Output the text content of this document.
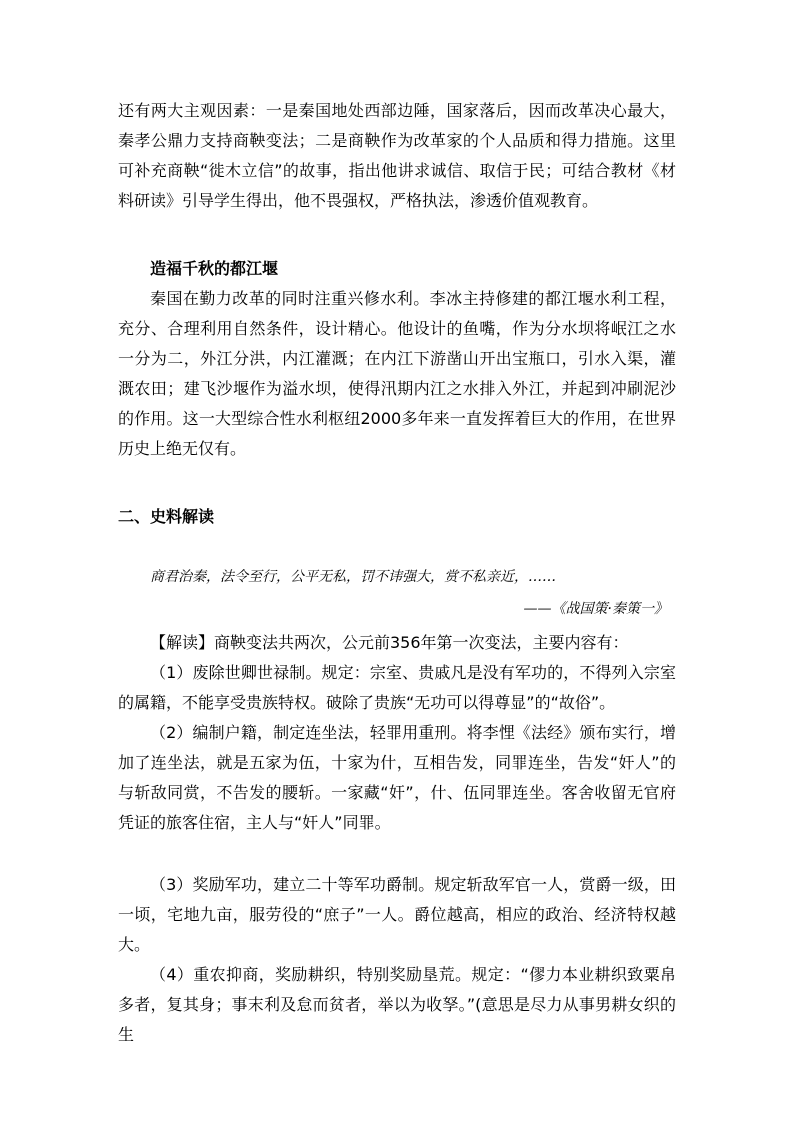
还有两大主观因素：一是秦国地处西部边陲，国家落后，因而改革决心最大，秦孝公鼎力支持商鞅变法；二是商鞅作为改革家的个人品质和得力措施。这里可补充商鞅“徙木立信”的故事，指出他讲求诚信、取信于民；可结合教材《材料研读》引导学生得出，他不畏强权，严格执法，渗透价值观教育。

造福千秋的都江堰

秦国在勤力改革的同时注重兴修水利。李冰主持修建的都江堰水利工程，充分、合理利用自然条件，设计精心。他设计的鱼嘴，作为分水坝将岷江之水一分为二，外江分洪，内江灌溉；在内江下游凿山开出宝瓶口，引水入渠，灌溉农田；建飞沙堰作为溢水坝，使得汛期内江之水排入外江，并起到冲刷泥沙的作用。这一大型综合性水利枢纽2000多年来一直发挥着巨大的作用，在世界历史上绝无仅有。

二、史料解读

商君治秦，法令至行，公平无私，罚不讳强大，赏不私亲近，……

——《战国策·秦策一》

【解读】商鞅变法共两次，公元前356年第一次变法，主要内容有：

（1）废除世卿世禄制。规定：宗室、贵戚凡是没有军功的，不得列入宗室的属籍，不能享受贵族特权。破除了贵族“无功可以得尊显”的“故俗”。

（2）编制户籍，制定连坐法，轻罪用重刑。将李悝《法经》颁布实行，增加了连坐法，就是五家为伍，十家为什，互相告发，同罪连坐，告发“奸人”的与斩敌同赏，不告发的腰斩。一家藏“奸”，什、伍同罪连坐。客舍收留无官府凭证的旅客住宿，主人与“奸人”同罪。

（3）奖励军功，建立二十等军功爵制。规定斩敌军官一人，赏爵一级，田一顷，宅地九亩，服劳役的“庶子”一人。爵位越高，相应的政治、经济特权越大。

（4）重农抑商，奖励耕织，特别奖励垦荒。规定：“僇力本业耕织致粟帛多者，复其身；事末利及怠而贫者，举以为收孥。”(意思是尽力从事男耕女织的生
